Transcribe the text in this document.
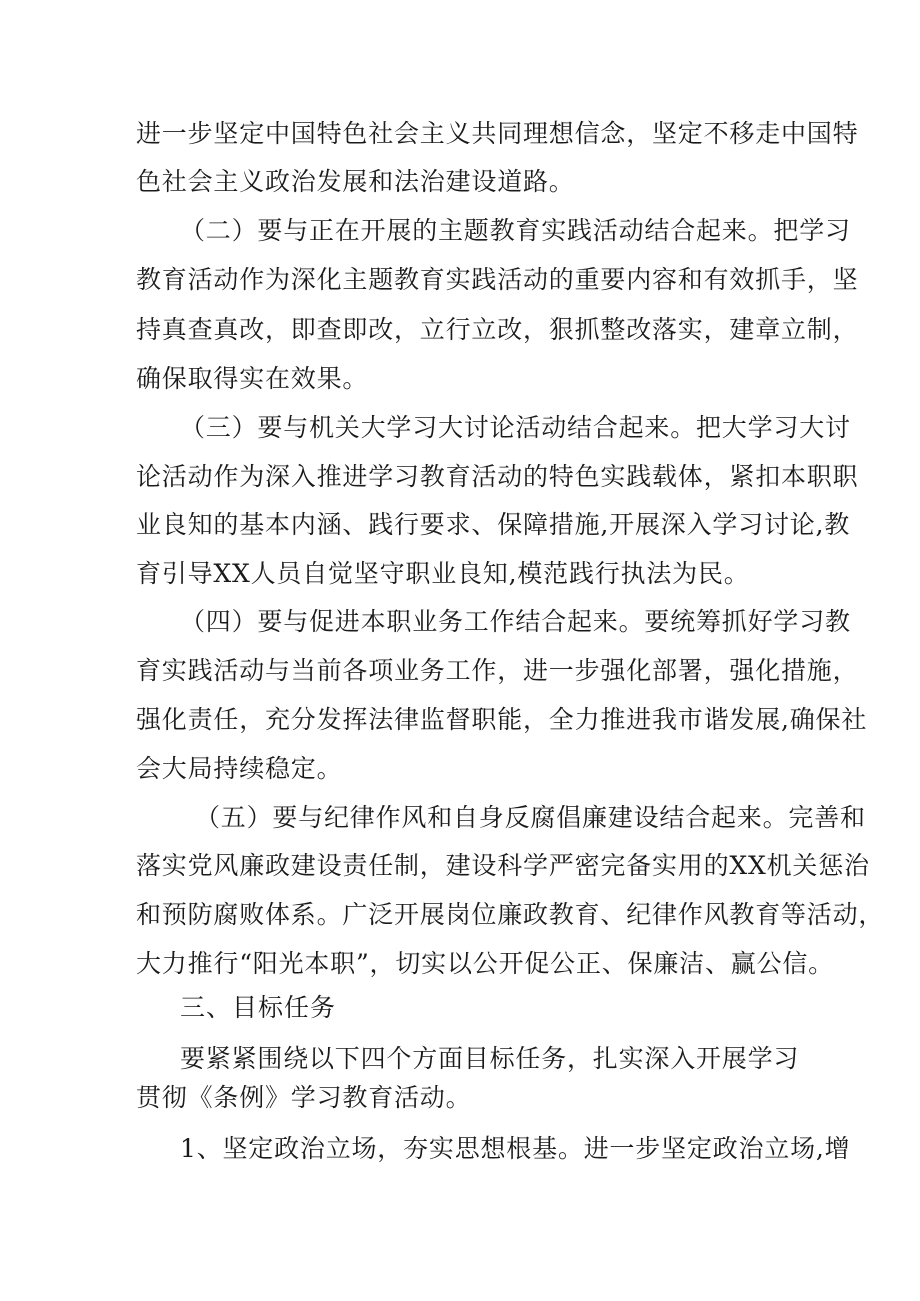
进一步坚定中国特色社会主义共同理想信念，坚定不移走中国特
色社会主义政治发展和法治建设道路。
（二）要与正在开展的主题教育实践活动结合起来。把学习
教育活动作为深化主题教育实践活动的重要内容和有效抓手，坚
持真查真改，即查即改，立行立改，狠抓整改落实，建章立制，
确保取得实在效果。
（三）要与机关大学习大讨论活动结合起来。把大学习大讨
论活动作为深入推进学习教育活动的特色实践载体，紧扣本职职
业良知的基本内涵、践行要求、保障措施,开展深入学习讨论,教
育引导XX人员自觉坚守职业良知,模范践行执法为民。
（四）要与促进本职业务工作结合起来。要统筹抓好学习教
育实践活动与当前各项业务工作，进一步强化部署，强化措施，
强化责任，充分发挥法律监督职能，全力推进我市谐发展,确保社
会大局持续稳定。
（五）要与纪律作风和自身反腐倡廉建设结合起来。完善和
落实党风廉政建设责任制，建设科学严密完备实用的XX机关惩治
和预防腐败体系。广泛开展岗位廉政教育、纪律作风教育等活动，
大力推行“阳光本职”，切实以公开促公正、保廉洁、赢公信。
三、目标任务
要紧紧围绕以下四个方面目标任务，扎实深入开展学习
贯彻《条例》学习教育活动。
1、坚定政治立场，夯实思想根基。进一步坚定政治立场,增
